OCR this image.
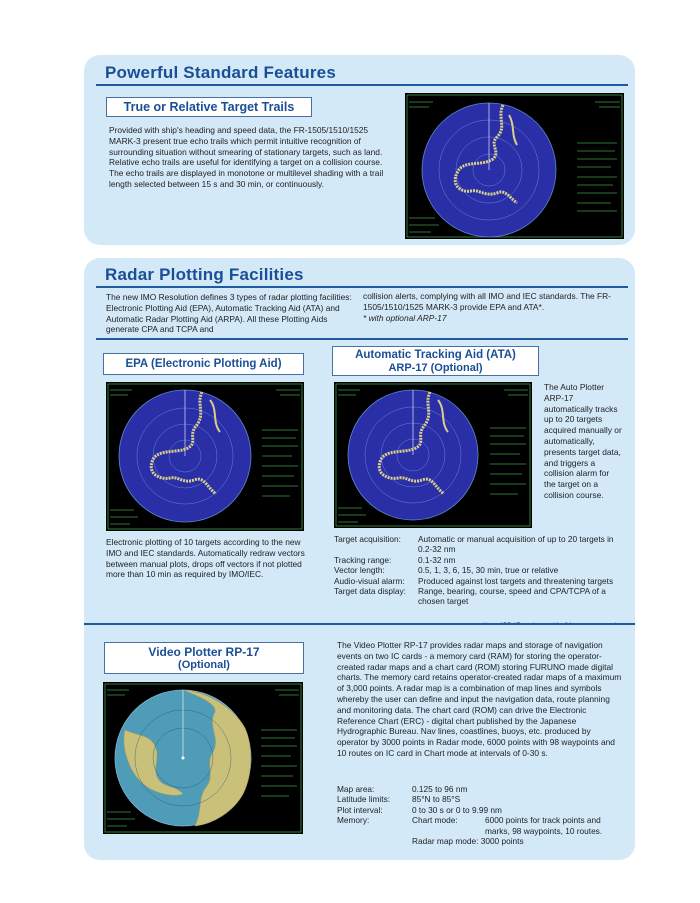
Powerful Standard Features
True or Relative Target Trails

Provided with ship's heading and speed data, the FR-1505/1510/1525 MARK-3 present true echo trails which permit intuitive recognition of surrounding situation without smearing of stationary targets, such as land. Relative echo trails are useful for identifying a target on a collision course. The echo trails are displayed in monotone or multilevel shading with a trail length selected between 15 s and 30 min, or continuously.

Radar Plotting Facilities

The new IMO Resolution defines 3 types of radar plotting facilities: Electronic Plotting Aid (EPA), Automatic Tracking Aid (ATA) and Automatic Radar Plotting Aid (ARPA). All these Plotting Aids generate CPA and TCPA and

collision alerts, complying with all IMO and IEC standards. The FR-1505/1510/1525 MARK-3 provide EPA and ATA*.

* with optional ARP-17

EPA (Electronic Plotting Aid)

Electronic plotting of 10 targets according to the new IMO and IEC standards. Automatically redraw vectors between manual plots, drops off vectors if not plotted more than 10 min as required by IMO/IEC.

Automatic Tracking Aid (ATA)
ARP-17 (Optional)

The Auto Plotter ARP-17 automatically tracks up to 20 targets acquired manually or automatically, presents target data, and triggers a collision alarm for the target on a collision course.

Target acquisition:	Automatic or manual acquisition of up to 20 targets in 0.2-32 nm
Tracking range:	0.1-32 nm
Vector length:	0.5, 1, 3, 6, 15, 30 min, true or relative
Audio-visual alarm:	Produced against lost targets and threatening targets
Target data display:	Range, bearing, course, speed and CPA/TCPA of a chosen target

Video Plotter RP-17
(Optional)

The Video Plotter RP-17 provides radar maps and storage of navigation events on two IC cards - a memory card (RAM) for storing the operator-created radar maps and a chart card (ROM) storing FURUNO made digital charts. The memory card retains operator-created radar maps of a maximum of 3,000 points. A radar map is a combination of map lines and symbols whereby the user can define and input the navigation data, route planning and monitoring data. The chart card (ROM) can drive the Electronic Reference Chart (ERC) - digital chart published by the Japanese Hydrographic Bureau. Nav lines, coastlines, buoys, etc. produced by operator by 3000 points in Radar mode, 6000 points with 98 waypoints and 10 routes on IC card in Chart mode at intervals of 0-30 s.

Map area:	0.125 to 96 nm	
Latitude limits:	85°N to 85°S	
Plot interval:	0 to 30 s or 0 to 9.99 nm	
Memory:	Chart mode:	6000 points for track points and marks, 98 waypoints, 10 routes.
	Radar map mode: 3000 points	
